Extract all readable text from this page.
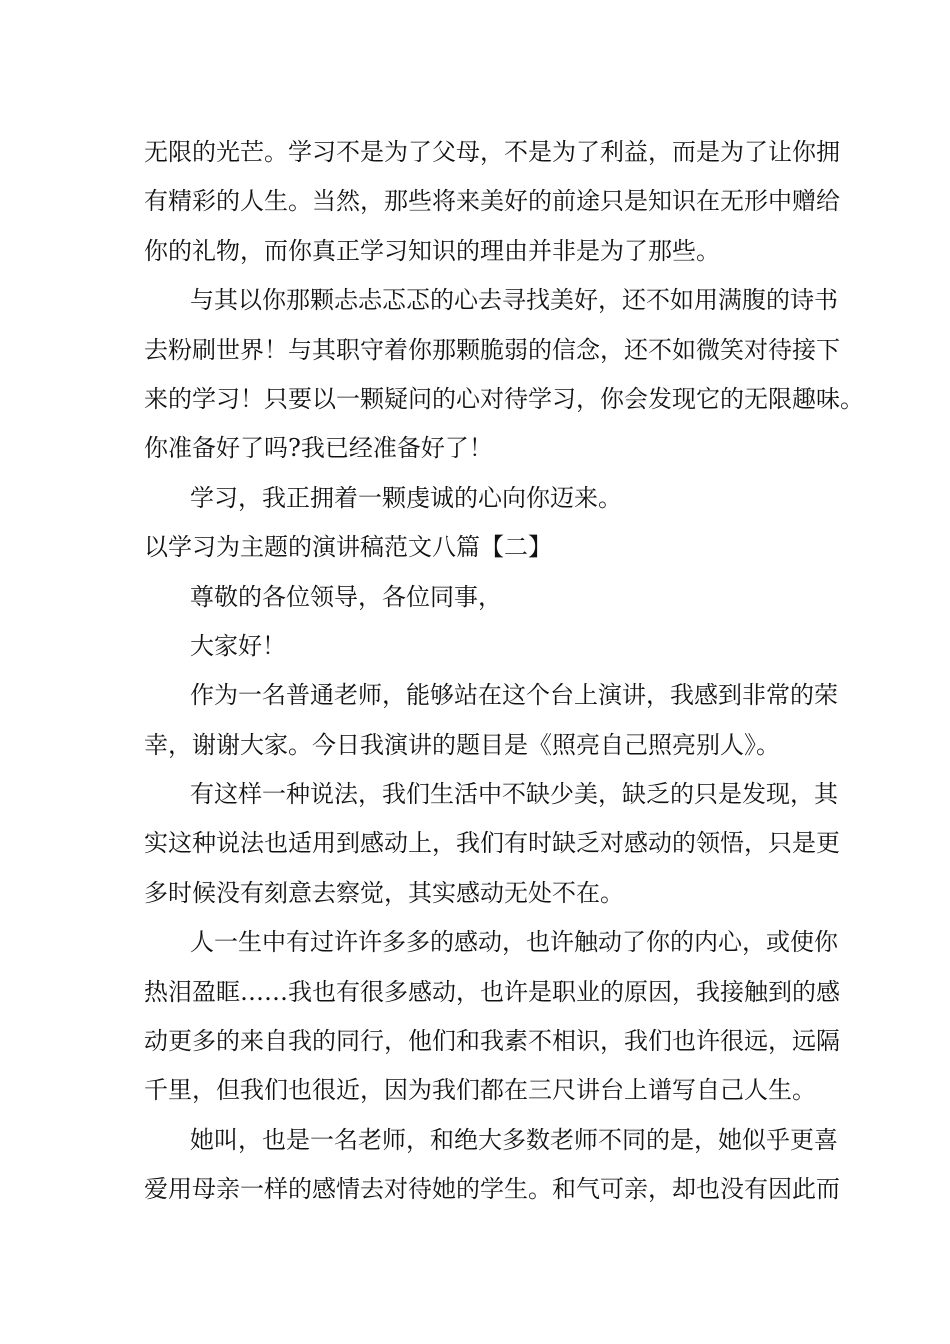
无限的光芒。学习不是为了父母，不是为了利益，而是为了让你拥
有精彩的人生。当然，那些将来美好的前途只是知识在无形中赠给
你的礼物，而你真正学习知识的理由并非是为了那些。
与其以你那颗忐忐忑忑的心去寻找美好，还不如用满腹的诗书
去粉刷世界！与其职守着你那颗脆弱的信念，还不如微笑对待接下
来的学习！只要以一颗疑问的心对待学习，你会发现它的无限趣味。
你准备好了吗?我已经准备好了！
学习，我正拥着一颗虔诚的心向你迈来。
以学习为主题的演讲稿范文八篇【二】
尊敬的各位领导，各位同事，
大家好！
作为一名普通老师，能够站在这个台上演讲，我感到非常的荣
幸，谢谢大家。今日我演讲的题目是《照亮自己照亮别人》。
有这样一种说法，我们生活中不缺少美，缺乏的只是发现，其
实这种说法也适用到感动上，我们有时缺乏对感动的领悟，只是更
多时候没有刻意去察觉，其实感动无处不在。
人一生中有过许许多多的感动，也许触动了你的内心，或使你
热泪盈眶……我也有很多感动，也许是职业的原因，我接触到的感
动更多的来自我的同行，他们和我素不相识，我们也许很远，远隔
千里，但我们也很近，因为我们都在三尺讲台上谱写自己人生。
她叫，也是一名老师，和绝大多数老师不同的是，她似乎更喜
爱用母亲一样的感情去对待她的学生。和气可亲，却也没有因此而
